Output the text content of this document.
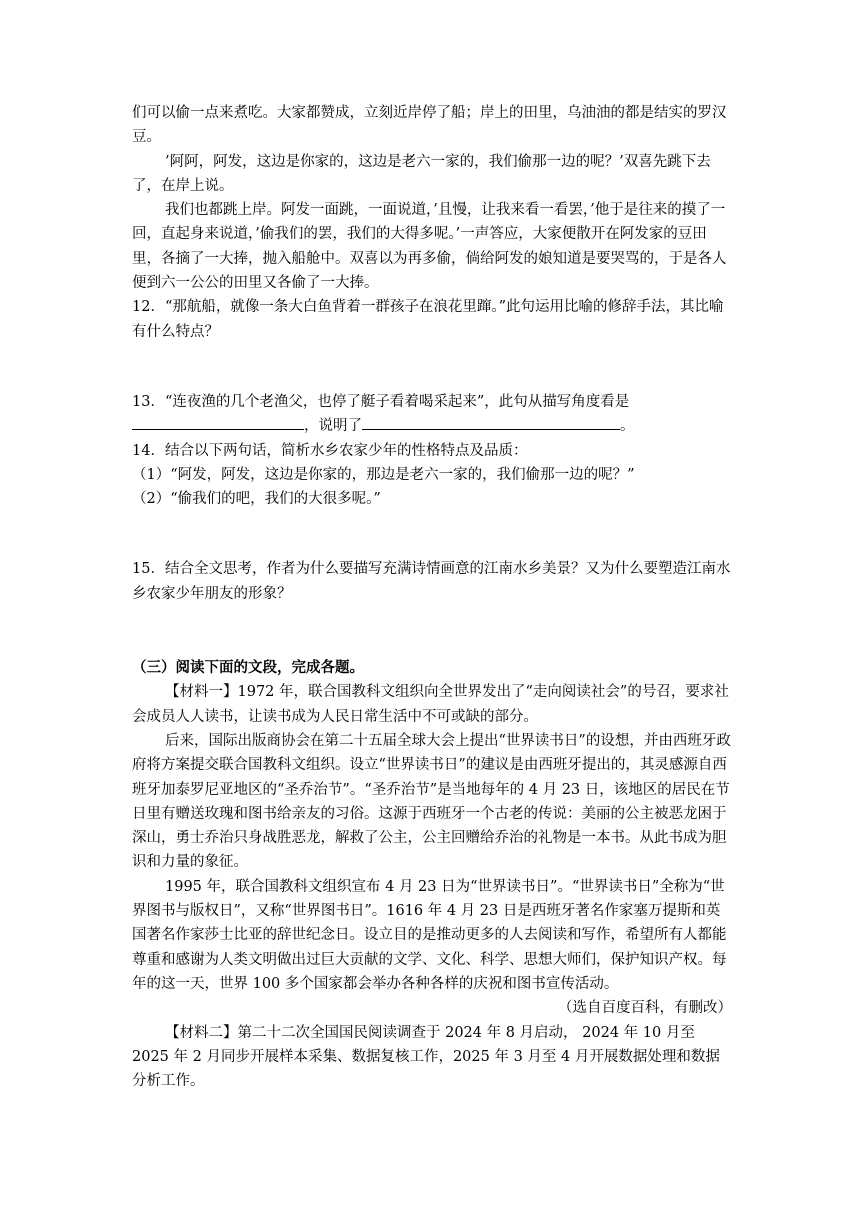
们可以偷一点来煮吃。大家都赞成，立刻近岸停了船；岸上的田里，乌油油的都是结实的罗汉豆。

’阿阿，阿发，这边是你家的，这边是老六一家的，我们偷那一边的呢？’双喜先跳下去了，在岸上说。

我们也都跳上岸。阿发一面跳，一面说道，’且慢，让我来看一看罢，’他于是往来的摸了一回，直起身来说道，’偷我们的罢，我们的大得多呢。’一声答应，大家便散开在阿发家的豆田里，各摘了一大捧，抛入船舱中。双喜以为再多偷，倘给阿发的娘知道是要哭骂的，于是各人便到六一公公的田里又各偷了一大捧。

12．“那航船，就像一条大白鱼背着一群孩子在浪花里蹿。”此句运用比喻的修辞手法，其比喻有什么特点？

13．“连夜渔的几个老渔父，也停了艇子看着喝采起来”，此句从描写角度看是，说明了	。

14．结合以下两句话，简析水乡农家少年的性格特点及品质：

（1）“阿发，阿发，这边是你家的，那边是老六一家的，我们偷那一边的呢？”

（2）“偷我们的吧，我们的大很多呢。”

15．结合全文思考，作者为什么要描写充满诗情画意的江南水乡美景？又为什么要塑造江南水乡农家少年朋友的形象？

（三）阅读下面的文段，完成各题。

【材料一】1972 年，联合国教科文组织向全世界发出了“走向阅读社会”的号召，要求社会成员人人读书，让读书成为人民日常生活中不可或缺的部分。

后来，国际出版商协会在第二十五届全球大会上提出“世界读书日”的设想，并由西班牙政府将方案提交联合国教科文组织。设立“世界读书日”的建议是由西班牙提出的，其灵感源自西班牙加泰罗尼亚地区的“圣乔治节”。“圣乔治节”是当地每年的 4 月 23 日，该地区的居民在节日里有赠送玫瑰和图书给亲友的习俗。这源于西班牙一个古老的传说：美丽的公主被恶龙困于深山，勇士乔治只身战胜恶龙，解救了公主，公主回赠给乔治的礼物是一本书。从此书成为胆识和力量的象征。

1995 年，联合国教科文组织宣布 4 月 23 日为“世界读书日”。“世界读书日”全称为“世界图书与版权日”，又称“世界图书日”。1616 年 4 月 23 日是西班牙著名作家塞万提斯和英国著名作家莎士比亚的辞世纪念日。设立目的是推动更多的人去阅读和写作，希望所有人都能尊重和感谢为人类文明做出过巨大贡献的文学、文化、科学、思想大师们，保护知识产权。每年的这一天，世界 100 多个国家都会举办各种各样的庆祝和图书宣传活动。

（选自百度百科，有删改）

【材料二】第二十二次全国国民阅读调查于 2024 年 8 月启动， 2024 年 10 月至 2025 年 2 月同步开展样本采集、数据复核工作，2025 年 3 月至 4 月开展数据处理和数据分析工作。
